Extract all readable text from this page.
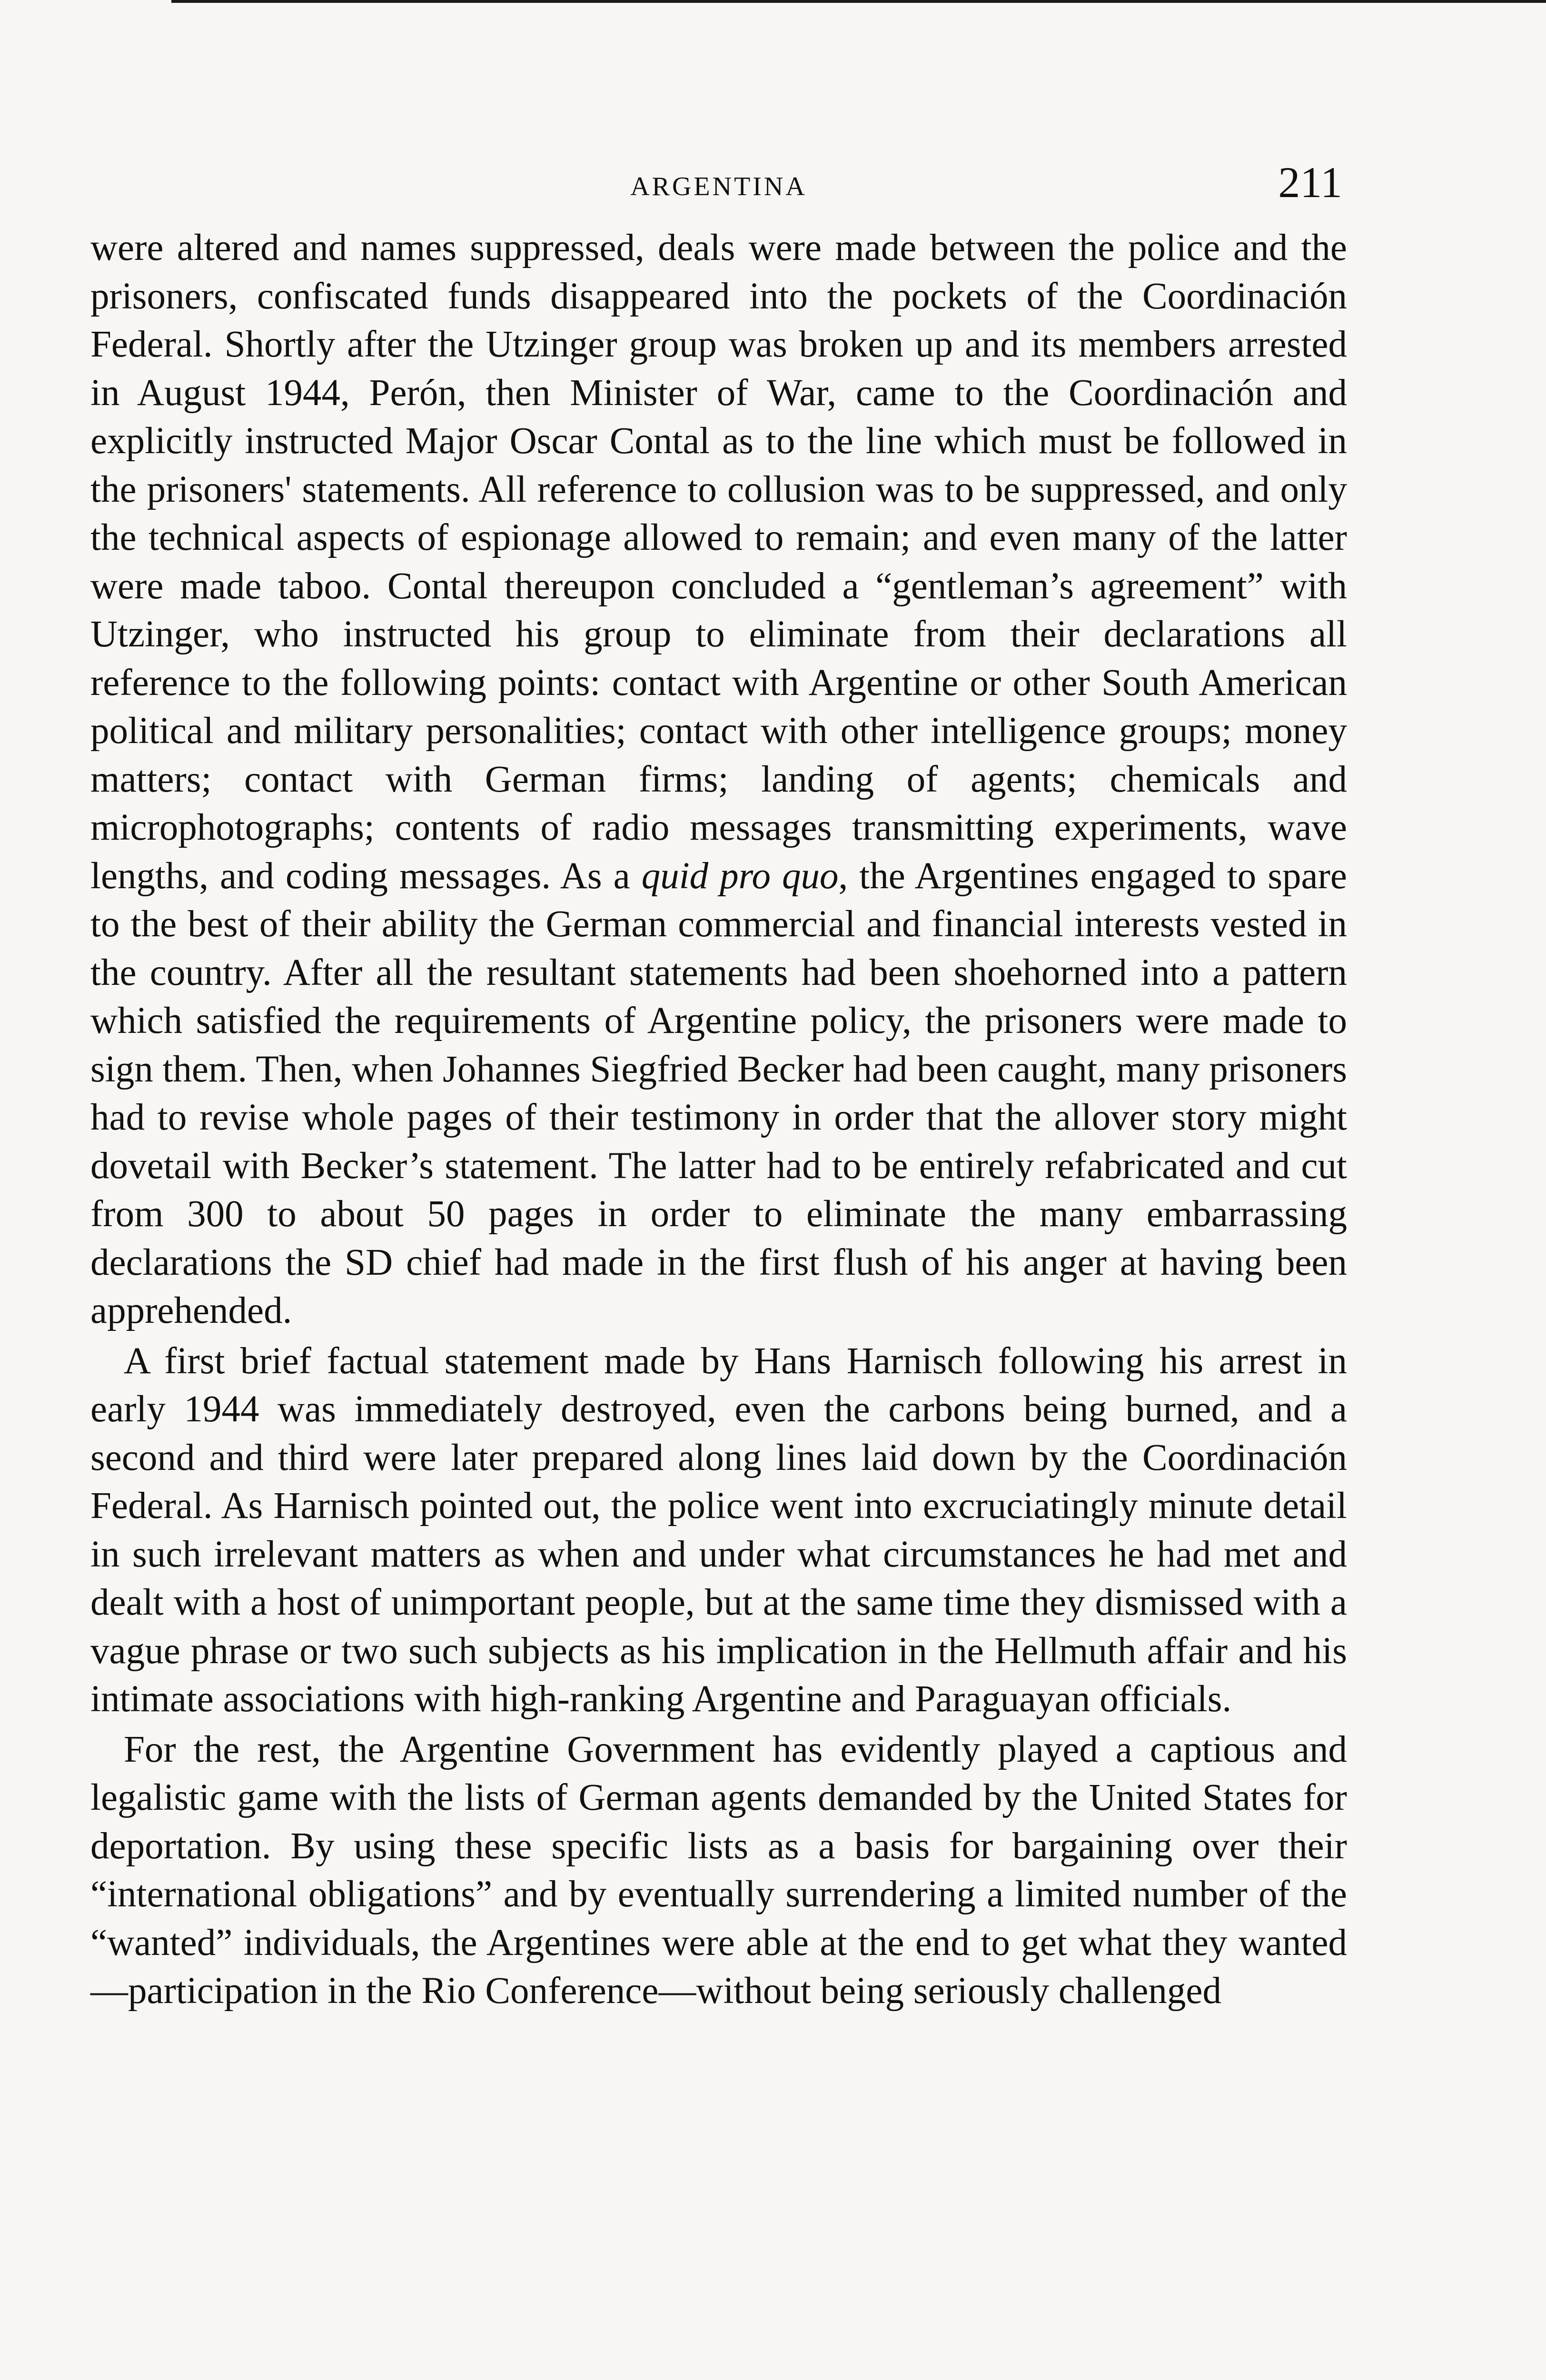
ARGENTINA	211

were altered and names suppressed, deals were made between the police and the prisoners, confiscated funds disappeared into the pockets of the Coordinación Federal. Shortly after the Utzinger group was broken up and its members arrested in August 1944, Perón, then Minister of War, came to the Coordinación and explicitly instructed Major Oscar Contal as to the line which must be followed in the prisoners' statements. All reference to collusion was to be suppressed, and only the technical aspects of espionage allowed to remain; and even many of the latter were made taboo. Contal thereupon concluded a “gentleman’s agreement” with Utzinger, who instructed his group to eliminate from their declarations all reference to the following points: contact with Argentine or other South American political and military personalities; contact with other intelligence groups; money matters; contact with German firms; landing of agents; chemicals and microphotographs; contents of radio messages transmitting experiments, wave lengths, and coding messages. As a quid pro quo, the Argentines engaged to spare to the best of their ability the German commercial and financial interests vested in the country. After all the resultant statements had been shoehorned into a pattern which satisfied the requirements of Argentine policy, the prisoners were made to sign them. Then, when Johannes Siegfried Becker had been caught, many prisoners had to revise whole pages of their testimony in order that the allover story might dovetail with Becker’s statement. The latter had to be entirely refabricated and cut from 300 to about 50 pages in order to eliminate the many embarrassing declarations the SD chief had made in the first flush of his anger at having been apprehended.

A first brief factual statement made by Hans Harnisch following his arrest in early 1944 was immediately destroyed, even the carbons being burned, and a second and third were later prepared along lines laid down by the Coordinación Federal. As Harnisch pointed out, the police went into excruciatingly minute detail in such irrelevant matters as when and under what circumstances he had met and dealt with a host of unimportant people, but at the same time they dismissed with a vague phrase or two such subjects as his implication in the Hellmuth affair and his intimate associations with high-ranking Argentine and Paraguayan officials.

For the rest, the Argentine Government has evidently played a captious and legalistic game with the lists of German agents demanded by the United States for deportation. By using these specific lists as a basis for bargaining over their “international obligations” and by eventually surrendering a limited number of the “wanted” individuals, the Argentines were able at the end to get what they wanted—participation in the Rio Conference—without being seriously challenged
